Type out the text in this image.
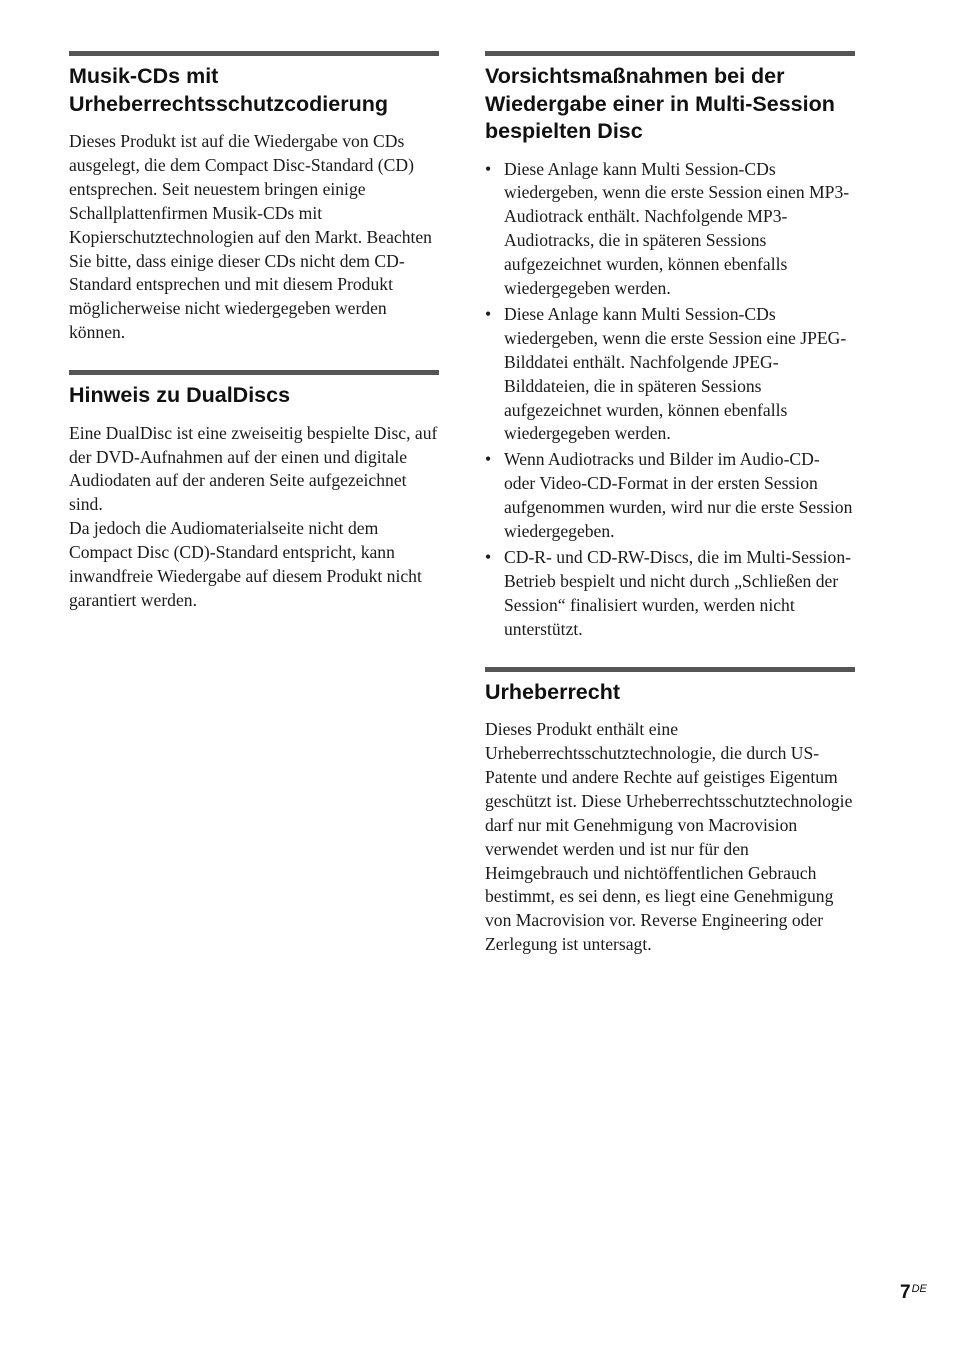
Musik-CDs mit Urheberrechtsschutzcodierung

Dieses Produkt ist auf die Wiedergabe von CDs ausgelegt, die dem Compact Disc-Standard (CD) entsprechen. Seit neuestem bringen einige Schallplattenfirmen Musik-CDs mit Kopierschutztechnologien auf den Markt. Beachten Sie bitte, dass einige dieser CDs nicht dem CD-Standard entsprechen und mit diesem Produkt möglicherweise nicht wiedergegeben werden können.

Hinweis zu DualDiscs

Eine DualDisc ist eine zweiseitig bespielte Disc, auf der DVD-Aufnahmen auf der einen und digitale Audiodaten auf der anderen Seite aufgezeichnet sind.

Da jedoch die Audiomaterialseite nicht dem Compact Disc (CD)-Standard entspricht, kann inwandfreie Wiedergabe auf diesem Produkt nicht garantiert werden.

Vorsichtsmaßnahmen bei der Wiedergabe einer in Multi-Session bespielten Disc
• Diese Anlage kann Multi Session-CDs wiedergeben, wenn die erste Session einen MP3-Audiotrack enthält. Nachfolgende MP3-Audiotracks, die in späteren Sessions aufgezeichnet wurden, können ebenfalls wiedergegeben werden.
• Diese Anlage kann Multi Session-CDs wiedergeben, wenn die erste Session eine JPEG-Bilddatei enthält. Nachfolgende JPEG-Bilddateien, die in späteren Sessions aufgezeichnet wurden, können ebenfalls wiedergegeben werden.
• Wenn Audiotracks und Bilder im Audio-CD- oder Video-CD-Format in der ersten Session aufgenommen wurden, wird nur die erste Session wiedergegeben.
• CD-R- und CD-RW-Discs, die im Multi-Session-Betrieb bespielt und nicht durch „Schließen der Session“ finalisiert wurden, werden nicht unterstützt.
Urheberrecht

Dieses Produkt enthält eine Urheberrechtsschutztechnologie, die durch US-Patente und andere Rechte auf geistiges Eigentum geschützt ist. Diese Urheberrechtsschutztechnologie darf nur mit Genehmigung von Macrovision verwendet werden und ist nur für den Heimgebrauch und nichtöffentlichen Gebrauch bestimmt, es sei denn, es liegt eine Genehmigung von Macrovision vor. Reverse Engineering oder Zerlegung ist untersagt.

7DE
